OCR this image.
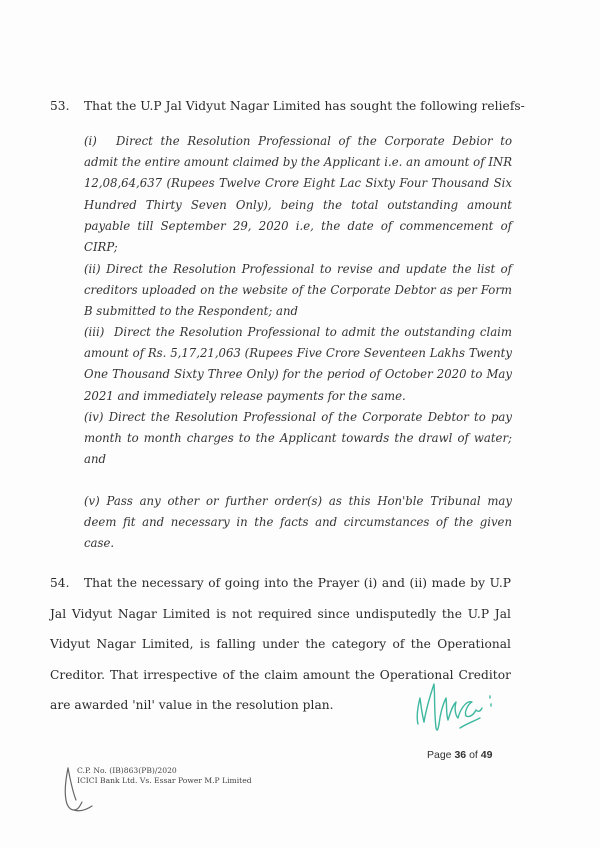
53. That the U.P Jal Vidyut Nagar Limited has sought the following reliefs-
(i) Direct the Resolution Professional of the Corporate Debior to admit the entire amount claimed by the Applicant i.e. an amount of INR 12,08,64,637 (Rupees Twelve Crore Eight Lac Sixty Four Thousand Six Hundred Thirty Seven Only), being the total outstanding amount payable till September 29, 2020 i.e, the date of commencement of CIRP;
(ii) Direct the Resolution Professional to revise and update the list of creditors uploaded on the website of the Corporate Debtor as per Form B submitted to the Respondent; and
(iii) Direct the Resolution Professional to admit the outstanding claim amount of Rs. 5,17,21,063 (Rupees Five Crore Seventeen Lakhs Twenty One Thousand Sixty Three Only) for the period of October 2020 to May 2021 and immediately release payments for the same.
(iv) Direct the Resolution Professional of the Corporate Debtor to pay month to month charges to the Applicant towards the drawl of water; and
(v) Pass any other or further order(s) as this Hon'ble Tribunal may deem fit and necessary in the facts and circumstances of the given case.
54. That the necessary of going into the Prayer (i) and (ii) made by U.P Jal Vidyut Nagar Limited is not required since undisputedly the U.P Jal Vidyut Nagar Limited, is falling under the category of the Operational Creditor. That irrespective of the claim amount the Operational Creditor are awarded 'nil' value in the resolution plan.
Page 36 of 49
C.P. No. (IB)863(PB)/2020
ICICI Bank Ltd. Vs. Essar Power M.P Limited
